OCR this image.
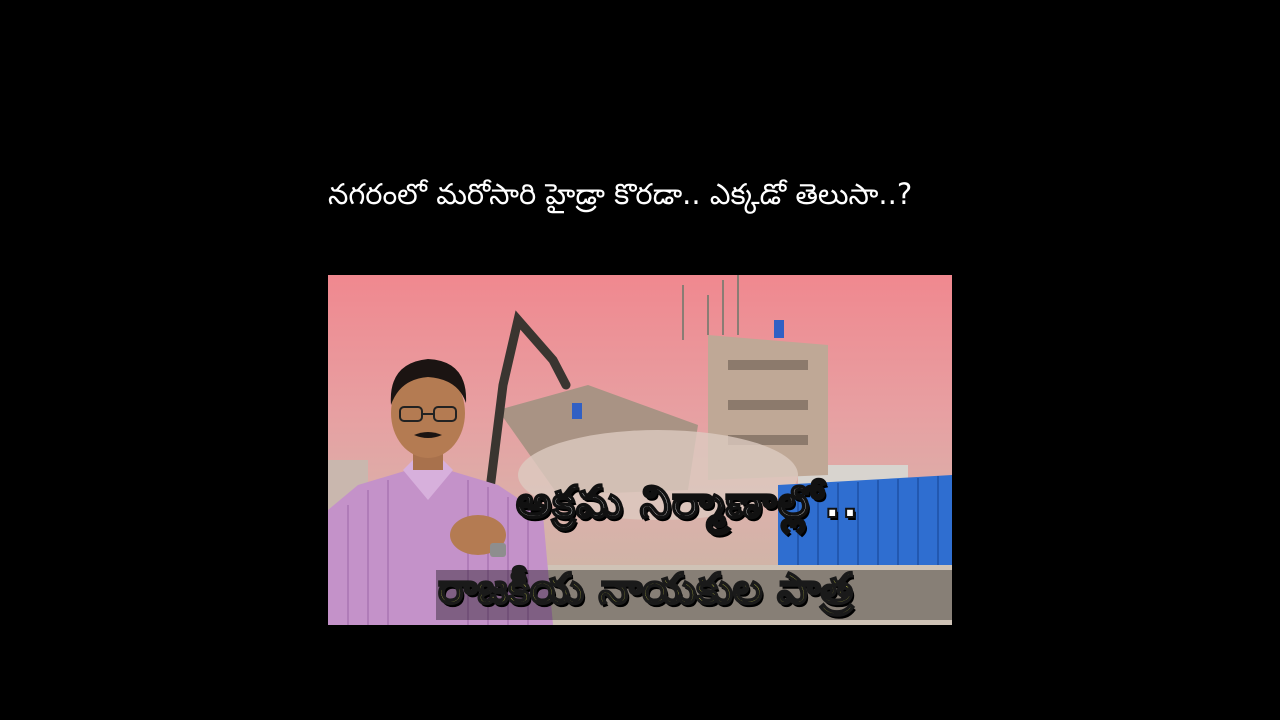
నగరంలో మరోసారి హైడ్రా కొరడా.. ఎక్కడో తెలుసా..?
అక్రమ నిర్మాణాల్లో..
రాజకీయ నాయకుల పాత్ర
